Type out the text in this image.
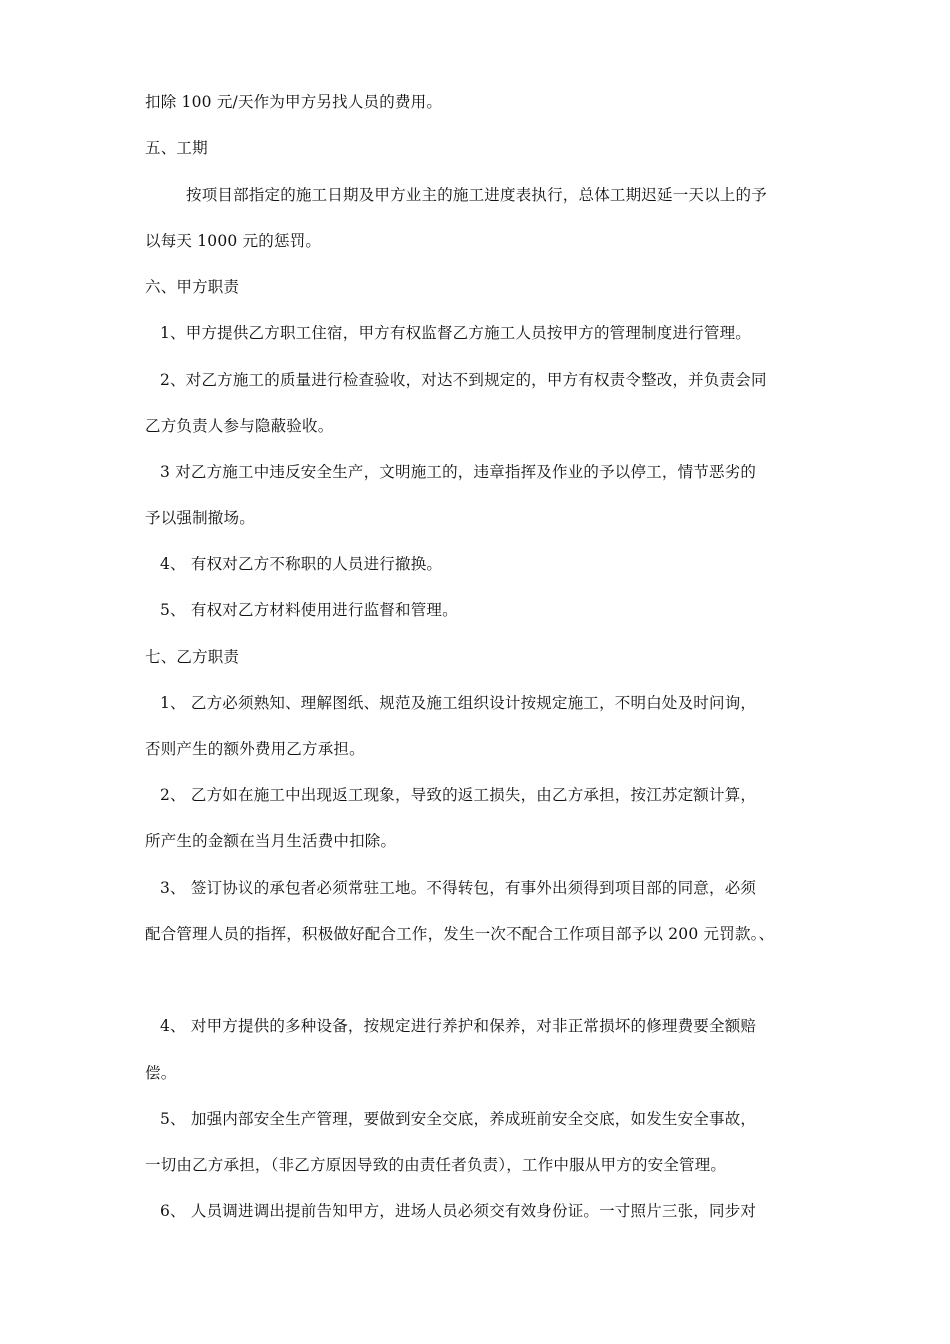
扣除 100 元/天作为甲方另找人员的费用。
五、工期
按项目部指定的施工日期及甲方业主的施工进度表执行，总体工期迟延一天以上的予
以每天 1000 元的惩罚。
六、甲方职责
1、甲方提供乙方职工住宿，甲方有权监督乙方施工人员按甲方的管理制度进行管理。
2、对乙方施工的质量进行检查验收，对达不到规定的，甲方有权责令整改，并负责会同
乙方负责人参与隐蔽验收。
3 对乙方施工中违反安全生产，文明施工的，违章指挥及作业的予以停工，情节恶劣的
予以强制撤场。
4、 有权对乙方不称职的人员进行撤换。
5、 有权对乙方材料使用进行监督和管理。
七、乙方职责
1、 乙方必须熟知、理解图纸、规范及施工组织设计按规定施工，不明白处及时问询，
否则产生的额外费用乙方承担。
2、 乙方如在施工中出现返工现象，导致的返工损失，由乙方承担，按江苏定额计算，
所产生的金额在当月生活费中扣除。
3、 签订协议的承包者必须常驻工地。不得转包，有事外出须得到项目部的同意，必须
配合管理人员的指挥，积极做好配合工作，发生一次不配合工作项目部予以 200 元罚款。、
4、 对甲方提供的多种设备，按规定进行养护和保养，对非正常损坏的修理费要全额赔
偿。
5、 加强内部安全生产管理，要做到安全交底，养成班前安全交底，如发生安全事故，
一切由乙方承担，（非乙方原因导致的由责任者负责），工作中服从甲方的安全管理。
6、 人员调进调出提前告知甲方，进场人员必须交有效身份证。一寸照片三张，同步对
